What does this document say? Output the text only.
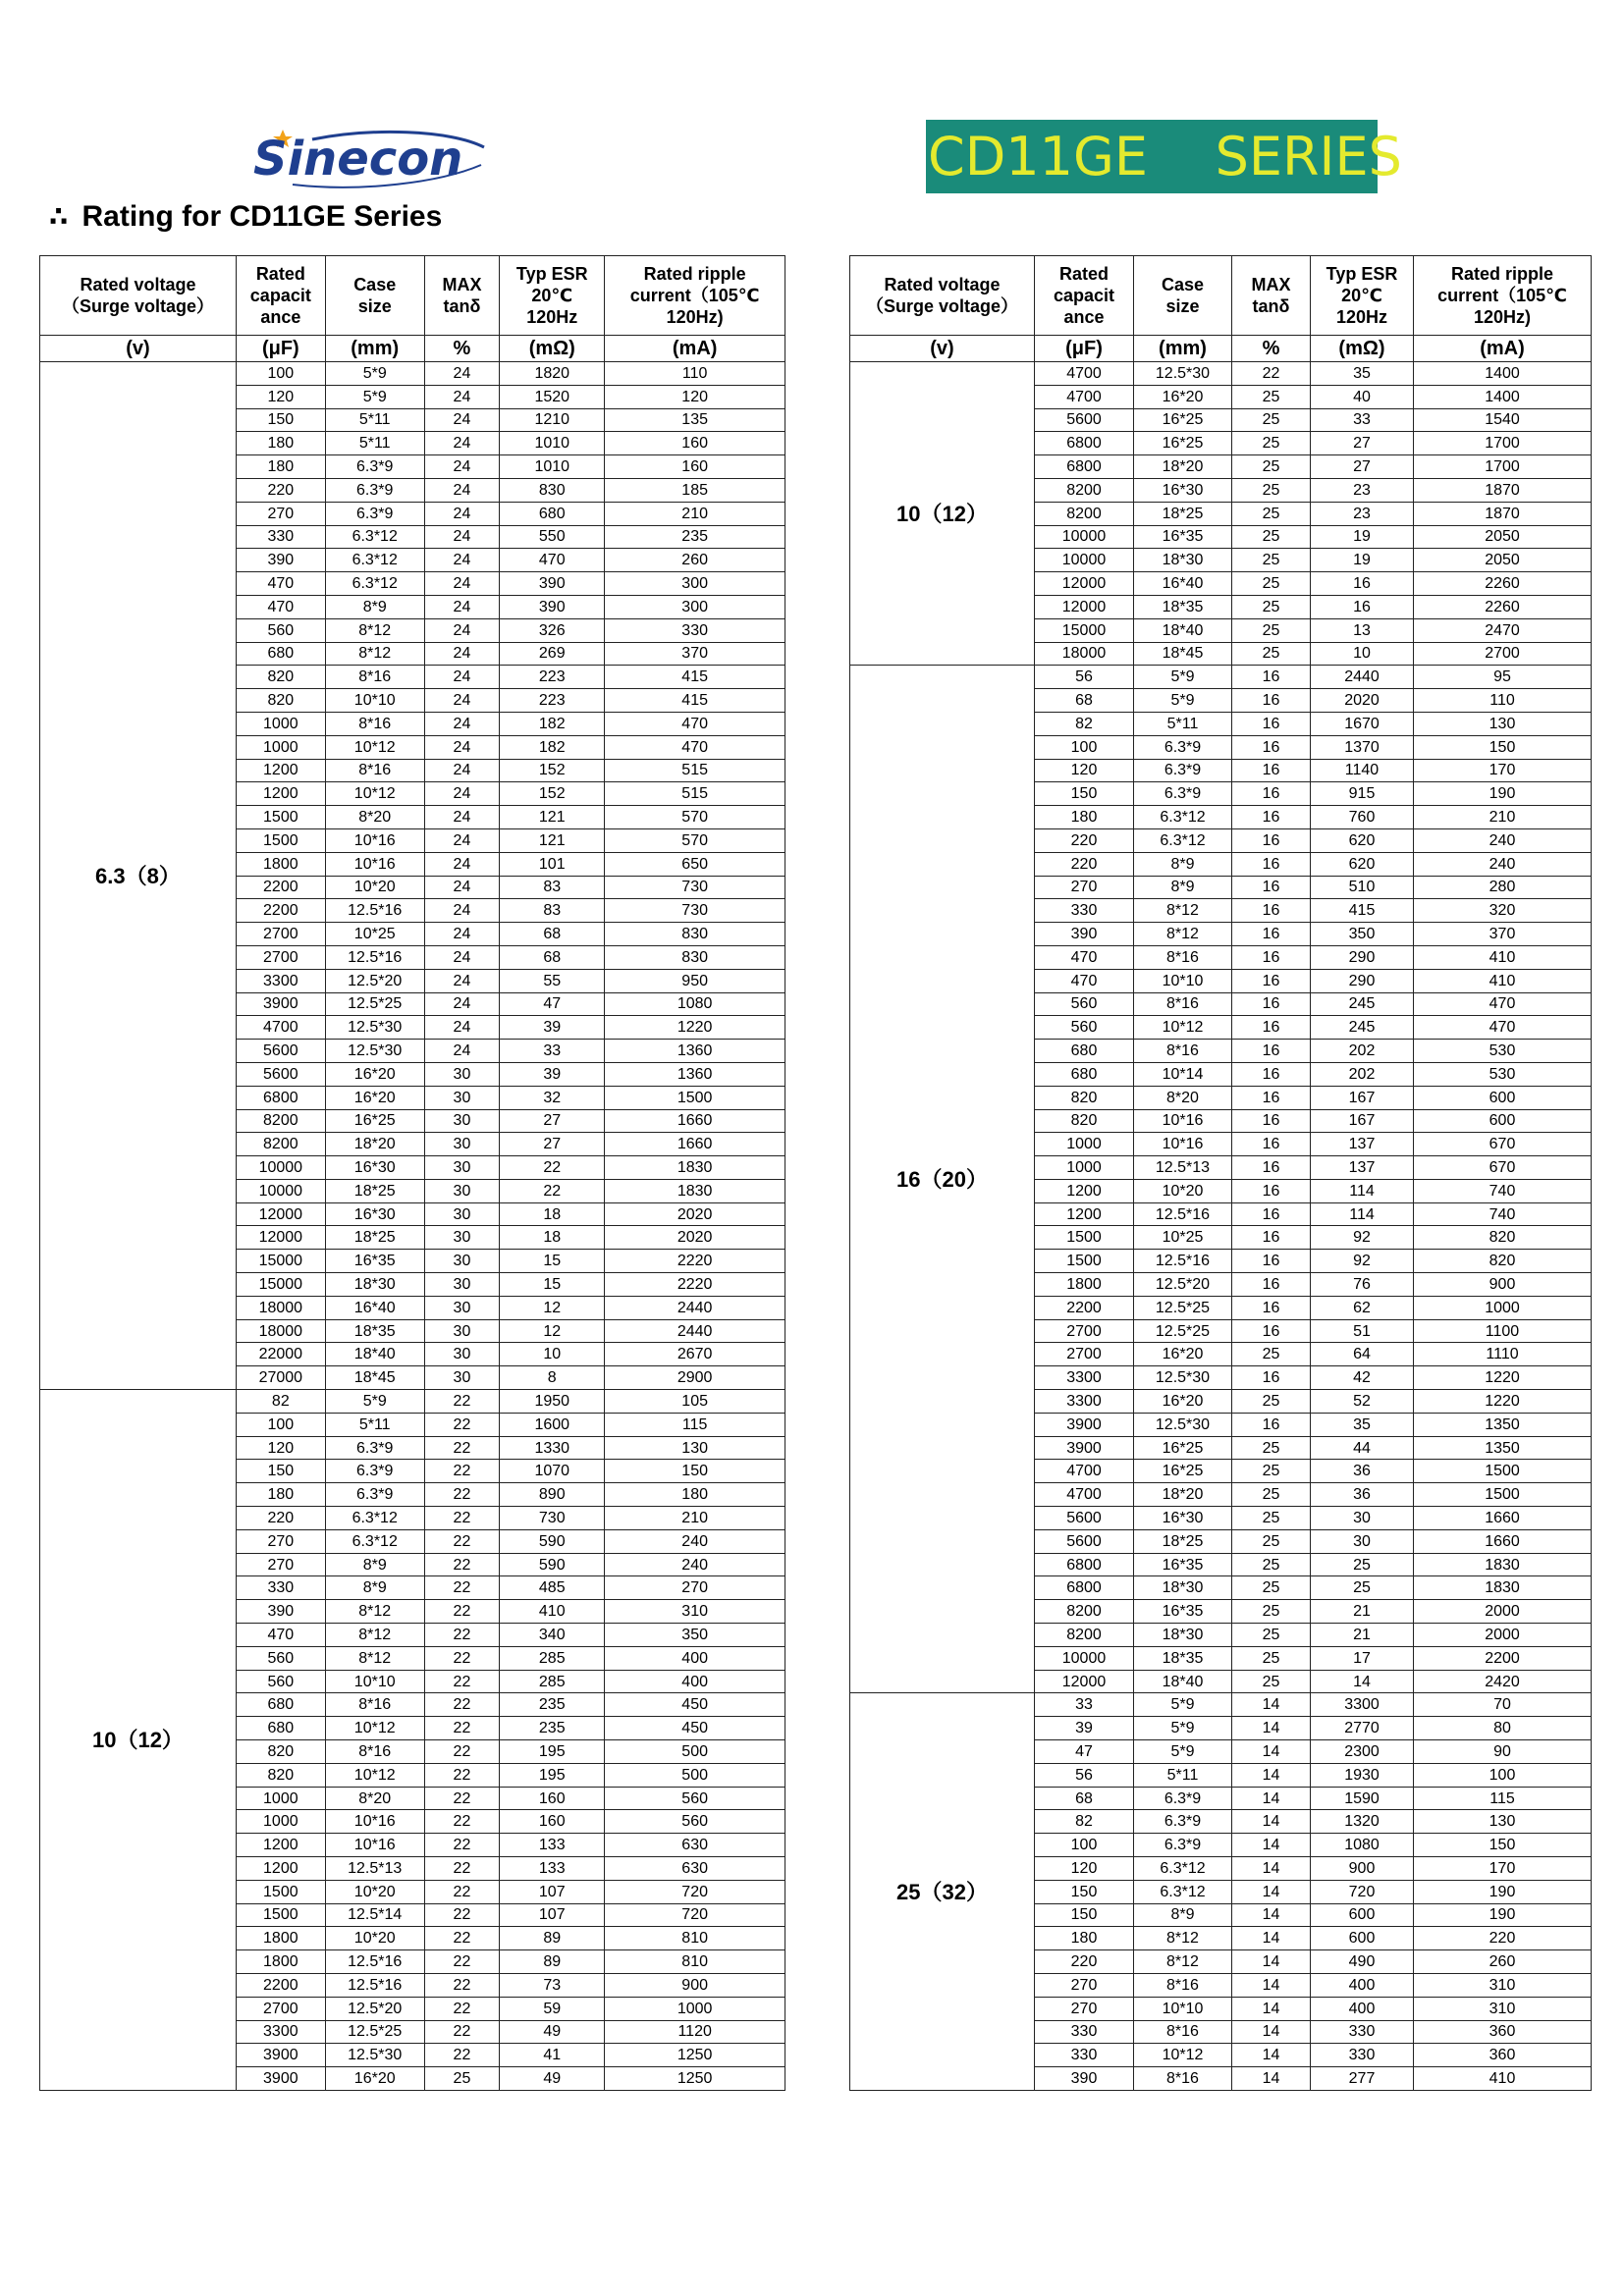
Sinecon	CD11GE    SERIES
∴ Rating for CD11GE Series
Rated voltage
（Surge voltage）	Rated
capacit
ance	Case
size	MAX
tanδ	Typ ESR
20℃
120Hz	Rated ripple
current（105℃
120Hz)
(v)	(μF)	(mm)	%	(mΩ)	(mA)
6.3（8）	100	5*9	24	1820	110
	120	5*9	24	1520	120
	150	5*11	24	1210	135
	180	5*11	24	1010	160
	180	6.3*9	24	1010	160
	220	6.3*9	24	830	185
	270	6.3*9	24	680	210
	330	6.3*12	24	550	235
	390	6.3*12	24	470	260
	470	6.3*12	24	390	300
	470	8*9	24	390	300
	560	8*12	24	326	330
	680	8*12	24	269	370
	820	8*16	24	223	415
	820	10*10	24	223	415
	1000	8*16	24	182	470
	1000	10*12	24	182	470
	1200	8*16	24	152	515
	1200	10*12	24	152	515
	1500	8*20	24	121	570
	1500	10*16	24	121	570
	1800	10*16	24	101	650
	2200	10*20	24	83	730
	2200	12.5*16	24	83	730
	2700	10*25	24	68	830
	2700	12.5*16	24	68	830
	3300	12.5*20	24	55	950
	3900	12.5*25	24	47	1080
	4700	12.5*30	24	39	1220
	5600	12.5*30	24	33	1360
	5600	16*20	30	39	1360
	6800	16*20	30	32	1500
	8200	16*25	30	27	1660
	8200	18*20	30	27	1660
	10000	16*30	30	22	1830
	10000	18*25	30	22	1830
	12000	16*30	30	18	2020
	12000	18*25	30	18	2020
	15000	16*35	30	15	2220
	15000	18*30	30	15	2220
	18000	16*40	30	12	2440
	18000	18*35	30	12	2440
	22000	18*40	30	10	2670
	27000	18*45	30	8	2900
10（12）	82	5*9	22	1950	105
	100	5*11	22	1600	115
	120	6.3*9	22	1330	130
	150	6.3*9	22	1070	150
	180	6.3*9	22	890	180
	220	6.3*12	22	730	210
	270	6.3*12	22	590	240
	270	8*9	22	590	240
	330	8*9	22	485	270
	390	8*12	22	410	310
	470	8*12	22	340	350
	560	8*12	22	285	400
	560	10*10	22	285	400
	680	8*16	22	235	450
	680	10*12	22	235	450
	820	8*16	22	195	500
	820	10*12	22	195	500
	1000	8*20	22	160	560
	1000	10*16	22	160	560
	1200	10*16	22	133	630
	1200	12.5*13	22	133	630
	1500	10*20	22	107	720
	1500	12.5*14	22	107	720
	1800	10*20	22	89	810
	1800	12.5*16	22	89	810
	2200	12.5*16	22	73	900
	2700	12.5*20	22	59	1000
	3300	12.5*25	22	49	1120
	3900	12.5*30	22	41	1250
	3900	16*20	25	49	1250
Rated voltage
（Surge voltage）	Rated
capacit
ance	Case
size	MAX
tanδ	Typ ESR
20℃
120Hz	Rated ripple
current（105℃
120Hz)
(v)	(μF)	(mm)	%	(mΩ)	(mA)
10（12）	4700	12.5*30	22	35	1400
	4700	16*20	25	40	1400
	5600	16*25	25	33	1540
	6800	16*25	25	27	1700
	6800	18*20	25	27	1700
	8200	16*30	25	23	1870
	8200	18*25	25	23	1870
	10000	16*35	25	19	2050
	10000	18*30	25	19	2050
	12000	16*40	25	16	2260
	12000	18*35	25	16	2260
	15000	18*40	25	13	2470
	18000	18*45	25	10	2700
16（20）	56	5*9	16	2440	95
	68	5*9	16	2020	110
	82	5*11	16	1670	130
	100	6.3*9	16	1370	150
	120	6.3*9	16	1140	170
	150	6.3*9	16	915	190
	180	6.3*12	16	760	210
	220	6.3*12	16	620	240
	220	8*9	16	620	240
	270	8*9	16	510	280
	330	8*12	16	415	320
	390	8*12	16	350	370
	470	8*16	16	290	410
	470	10*10	16	290	410
	560	8*16	16	245	470
	560	10*12	16	245	470
	680	8*16	16	202	530
	680	10*14	16	202	530
	820	8*20	16	167	600
	820	10*16	16	167	600
	1000	10*16	16	137	670
	1000	12.5*13	16	137	670
	1200	10*20	16	114	740
	1200	12.5*16	16	114	740
	1500	10*25	16	92	820
	1500	12.5*16	16	92	820
	1800	12.5*20	16	76	900
	2200	12.5*25	16	62	1000
	2700	12.5*25	16	51	1100
	2700	16*20	25	64	1110
	3300	12.5*30	16	42	1220
	3300	16*20	25	52	1220
	3900	12.5*30	16	35	1350
	3900	16*25	25	44	1350
	4700	16*25	25	36	1500
	4700	18*20	25	36	1500
	5600	16*30	25	30	1660
	5600	18*25	25	30	1660
	6800	16*35	25	25	1830
	6800	18*30	25	25	1830
	8200	16*35	25	21	2000
	8200	18*30	25	21	2000
	10000	18*35	25	17	2200
	12000	18*40	25	14	2420
25（32）	33	5*9	14	3300	70
	39	5*9	14	2770	80
	47	5*9	14	2300	90
	56	5*11	14	1930	100
	68	6.3*9	14	1590	115
	82	6.3*9	14	1320	130
	100	6.3*9	14	1080	150
	120	6.3*12	14	900	170
	150	6.3*12	14	720	190
	150	8*9	14	600	190
	180	8*12	14	600	220
	220	8*12	14	490	260
	270	8*16	14	400	310
	270	10*10	14	400	310
	330	8*16	14	330	360
	330	10*12	14	330	360
	390	8*16	14	277	410
